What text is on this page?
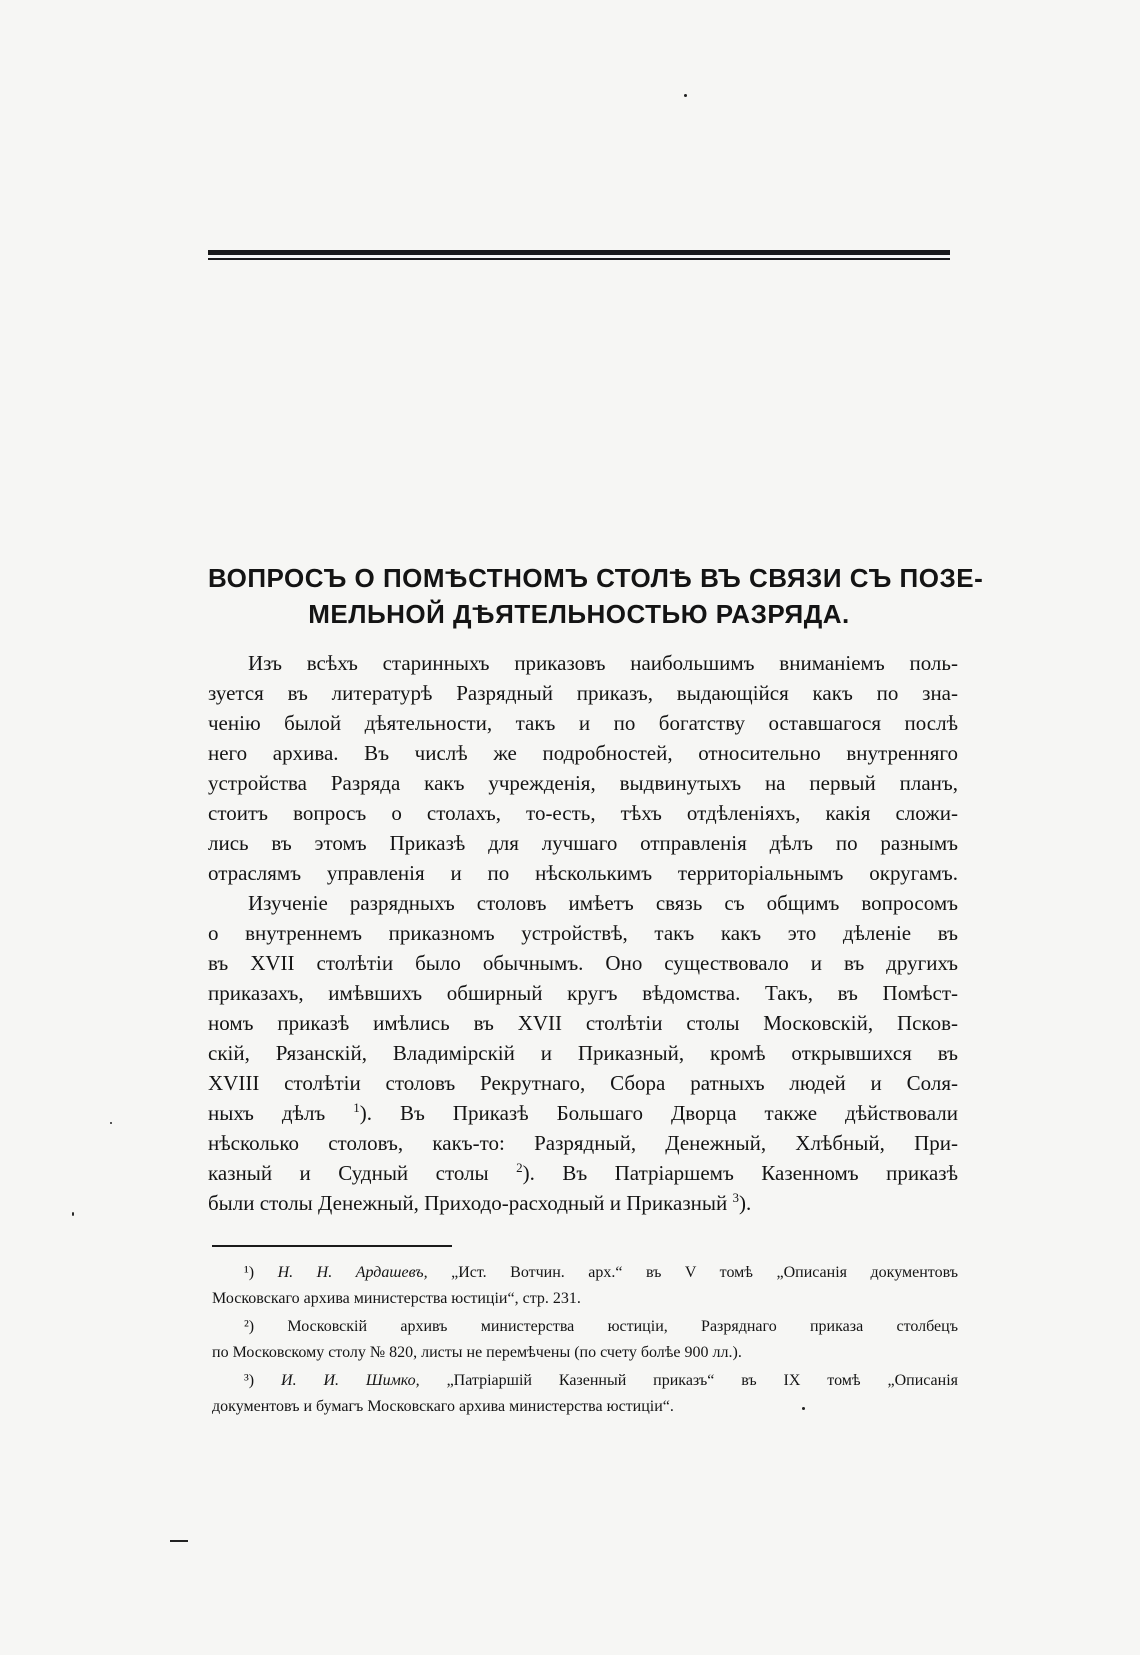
ВОПРОСЪ О ПОМѢСТНОМЪ СТОЛѢ ВЪ СВЯЗИ СЪ ПОЗЕ-
МЕЛЬНОЙ ДѢЯТЕЛЬНОСТЬЮ РАЗРЯДА.

Изъ всѣхъ старинныхъ приказовъ наибольшимъ вниманіемъ поль-
зуется въ литературѣ Разрядный приказъ, выдающійся какъ по зна-
ченію былой дѣятельности, такъ и по богатству оставшагося послѣ
него архива. Въ числѣ же подробностей, относительно внутренняго
устройства Разряда какъ учрежденія, выдвинутыхъ на первый планъ,
стоитъ вопросъ о столахъ, то-есть, тѣхъ отдѣленіяхъ, какія сложи-
лись въ этомъ Приказѣ для лучшаго отправленія дѣлъ по разнымъ
отраслямъ управленія и по нѣсколькимъ территоріальнымъ округамъ.

Изученіе разрядныхъ столовъ имѣетъ связь съ общимъ вопросомъ
о внутреннемъ приказномъ устройствѣ, такъ какъ это дѣленіе въ
въ XVII столѣтіи было обычнымъ. Оно существовало и въ другихъ
приказахъ, имѣвшихъ обширный кругъ вѣдомства. Такъ, въ Помѣст-
номъ приказѣ имѣлись въ XVII столѣтіи столы Московскій, Псков-
скій, Рязанскій, Владимірскій и Приказный, кромѣ открывшихся въ
XVIII столѣтіи столовъ Рекрутнаго, Сбора ратныхъ людей и Соля-
ныхъ дѣлъ $^1$). Въ Приказѣ Большаго Дворца также дѣйствовали
нѣсколько столовъ, какъ-то: Разрядный, Денежный, Хлѣбный, При-
казный и Судный столы $^2$). Въ Патріаршемъ Казенномъ приказѣ
были столы Денежный, Приходо-расходный и Приказный $^3$).

¹) Н. Н. Ардашевъ, „Ист. Вотчин. арх.“ въ V томѣ „Описанія документовъ
Московскаго архива министерства юстиціи“, стр. 231.

²) Московскій архивъ министерства юстиціи, Разряднаго приказа столбецъ
по Московскому столу № 820, листы не перемѣчены (по счету болѣе 900 лл.).

³) И. И. Шимко, „Патріаршій Казенный приказъ“ въ IX томѣ „Описанія
документовъ и бумагъ Московскаго архива министерства юстиціи“.
